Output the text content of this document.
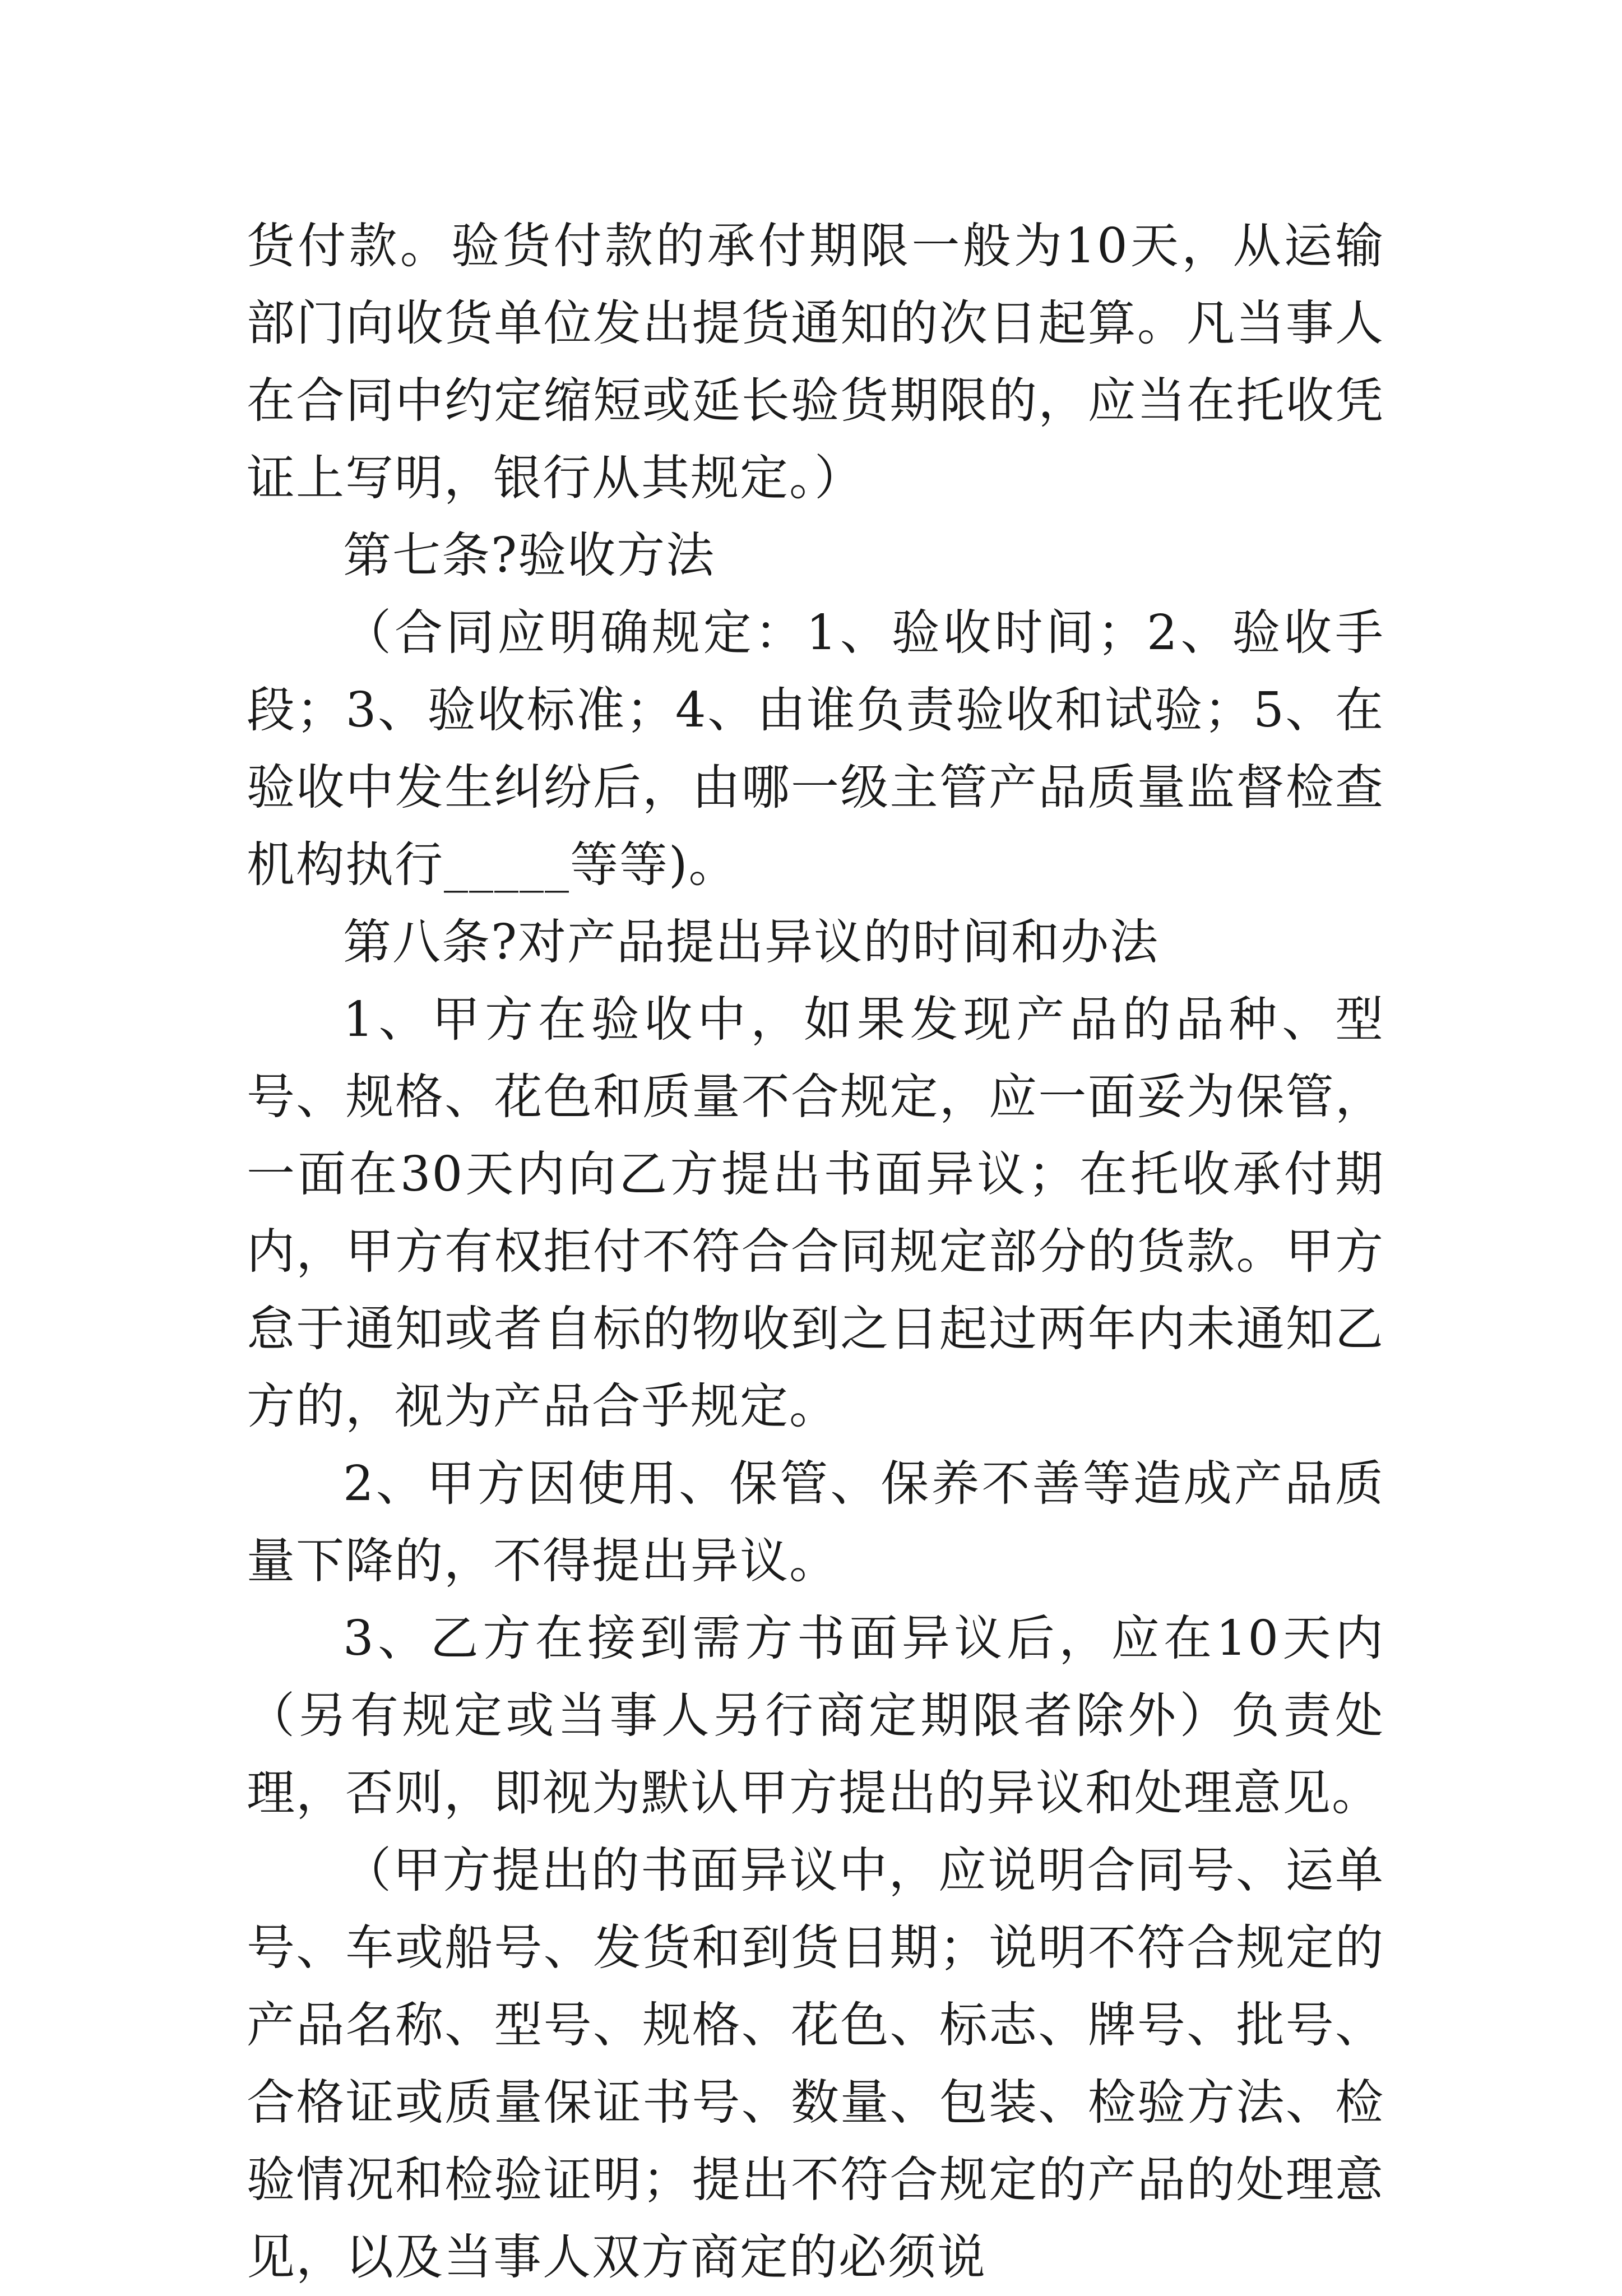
货付款。验货付款的承付期限一般为10天，从运输部门向收货单位发出提货通知的次日起算。凡当事人在合同中约定缩短或延长验货期限的，应当在托收凭证上写明，银行从其规定。）

第七条?验收方法

（合同应明确规定：1、验收时间；2、验收手段；3、验收标准；4、由谁负责验收和试验；5、在验收中发生纠纷后，由哪一级主管产品质量监督检查机构执行_____等等)。

第八条?对产品提出异议的时间和办法

1、甲方在验收中，如果发现产品的品种、型号、规格、花色和质量不合规定，应一面妥为保管，一面在30天内向乙方提出书面异议；在托收承付期内，甲方有权拒付不符合合同规定部分的货款。甲方怠于通知或者自标的物收到之日起过两年内未通知乙方的，视为产品合乎规定。

2、甲方因使用、保管、保养不善等造成产品质量下降的，不得提出异议。

3、乙方在接到需方书面异议后，应在10天内（另有规定或当事人另行商定期限者除外）负责处理，否则，即视为默认甲方提出的异议和处理意见。

（甲方提出的书面异议中，应说明合同号、运单号、车或船号、发货和到货日期；说明不符合规定的产品名称、型号、规格、花色、标志、牌号、批号、合格证或质量保证书号、数量、包装、检验方法、检验情况和检验证明；提出不符合规定的产品的处理意见，以及当事人双方商定的必须说
